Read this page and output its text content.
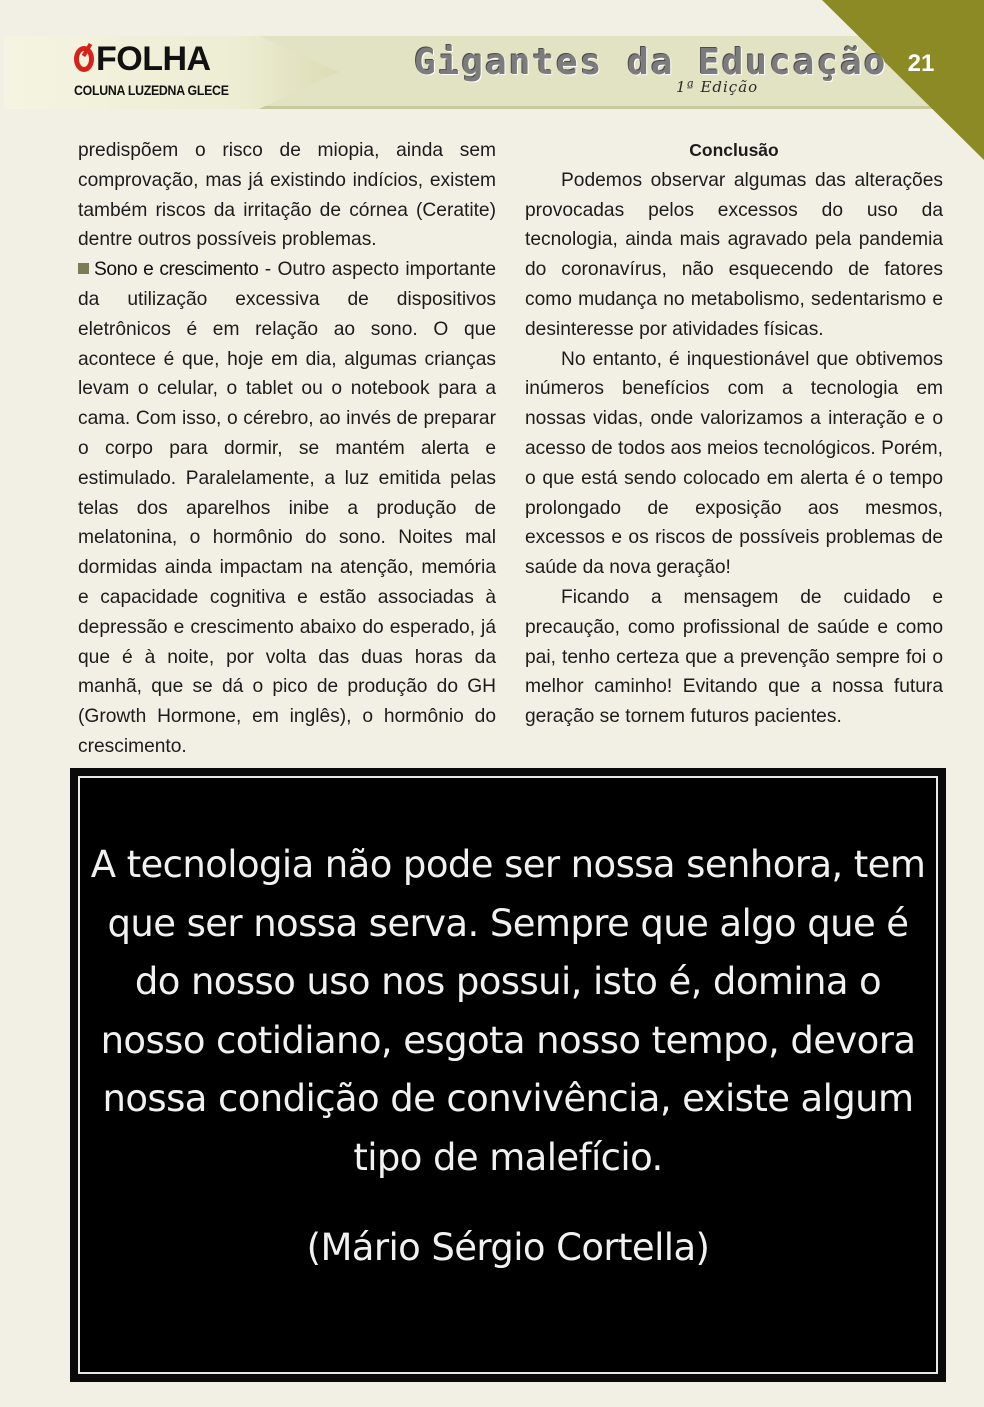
FOLHA
COLUNA LUZEDNA GLECE
Gigantes da Educação
1ª Edição
21

predispõem o risco de miopia, ainda sem comprovação, mas já existindo indícios, existem também riscos da irritação de córnea (Ceratite) dentre outros possíveis problemas.

Sono e crescimento - Outro aspecto importante da utilização excessiva de dispositivos eletrônicos é em relação ao sono. O que acontece é que, hoje em dia, algumas crianças levam o celular, o tablet ou o notebook para a cama. Com isso, o cérebro, ao invés de preparar o corpo para dormir, se mantém alerta e estimulado. Paralelamente, a luz emitida pelas telas dos aparelhos inibe a produção de melatonina, o hormônio do sono. Noites mal dormidas ainda impactam na atenção, memória e capacidade cognitiva e estão associadas à depressão e crescimento abaixo do esperado, já que é à noite, por volta das duas horas da manhã, que se dá o pico de produção do GH (Growth Hormone, em inglês), o hormônio do crescimento.

Conclusão

Podemos observar algumas das alterações provocadas pelos excessos do uso da tecnologia, ainda mais agravado pela pandemia do coronavírus, não esquecendo de fatores como mudança no metabolismo, sedentarismo e desinteresse por atividades físicas.

No entanto, é inquestionável que obtivemos inúmeros benefícios com a tecnologia em nossas vidas, onde valorizamos a interação e o acesso de todos aos meios tecnológicos. Porém, o que está sendo colocado em alerta é o tempo prolongado de exposição aos mesmos, excessos e os riscos de possíveis problemas de saúde da nova geração!

Ficando a mensagem de cuidado e precaução, como profissional de saúde e como pai, tenho certeza que a prevenção sempre foi o melhor caminho! Evitando que a nossa futura geração se tornem futuros pacientes.

A tecnologia não pode ser nossa senhora, tem que ser nossa serva. Sempre que algo que é do nosso uso nos possui, isto é, domina o nosso cotidiano, esgota nosso tempo, devora nossa condição de convivência, existe algum tipo de malefício.
(Mário Sérgio Cortella)
